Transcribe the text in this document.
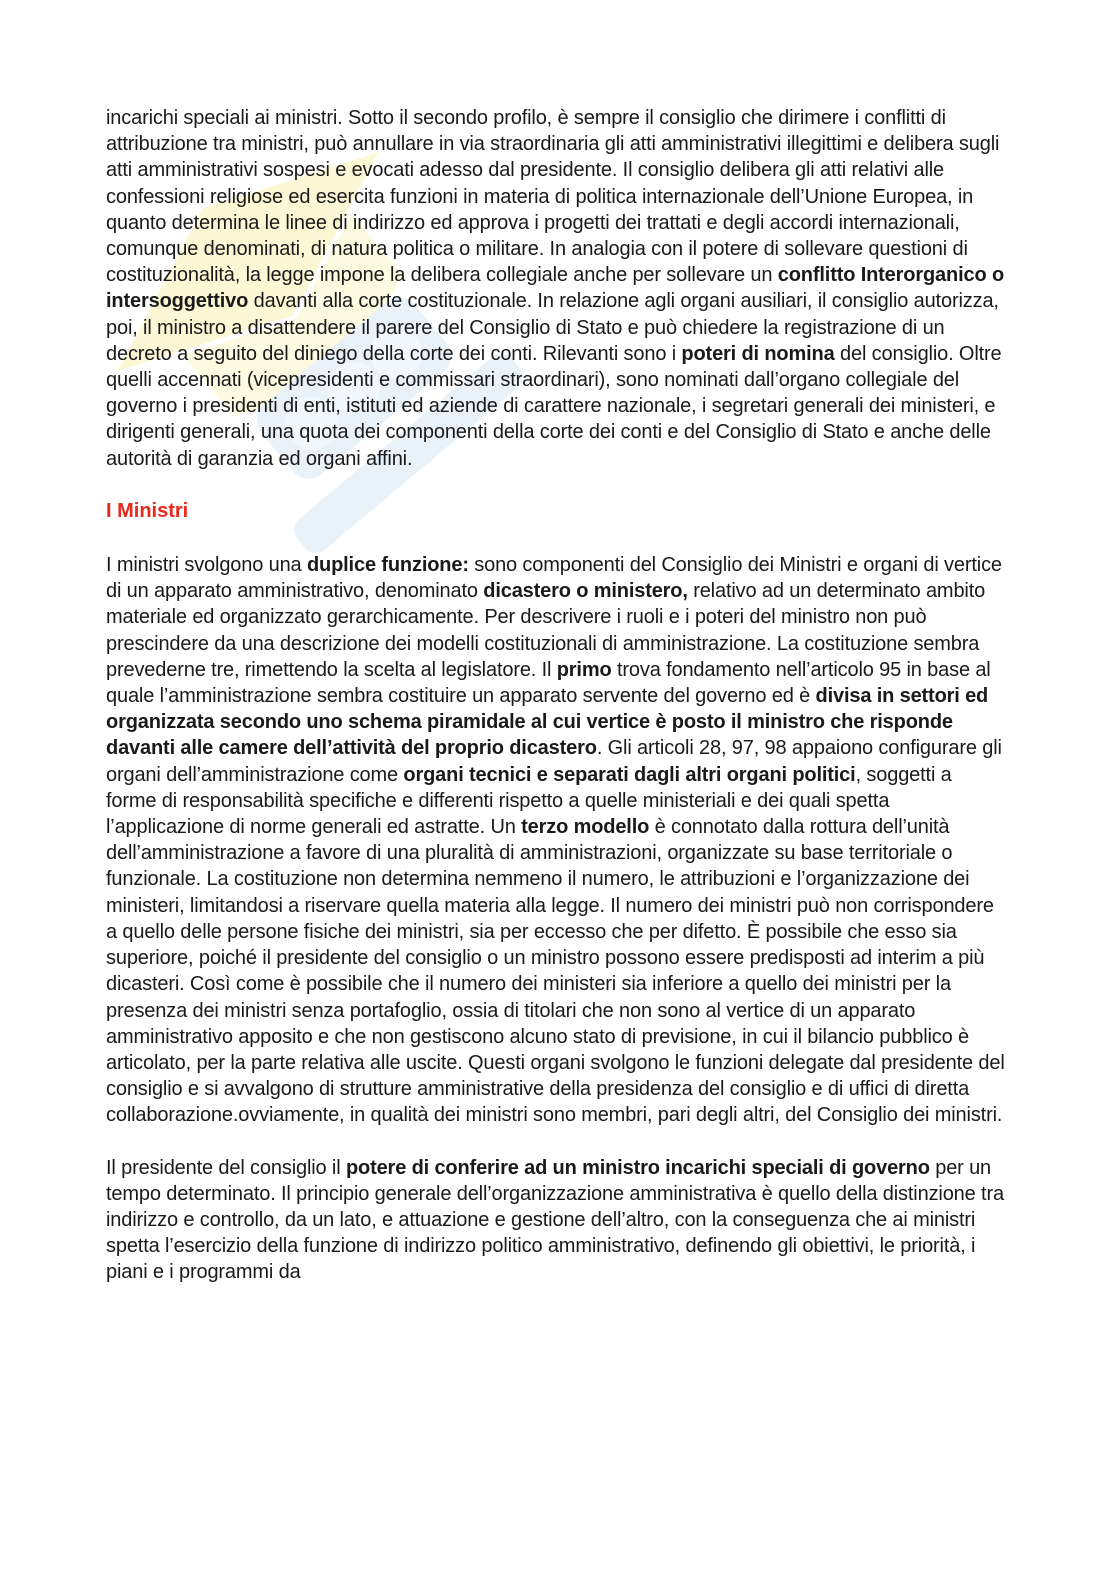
incarichi speciali ai ministri. Sotto il secondo profilo, è sempre il consiglio che dirimere i conflitti di attribuzione tra ministri, può annullare in via straordinaria gli atti amministrativi illegittimi e delibera sugli atti amministrativi sospesi e evocati adesso dal presidente. Il consiglio delibera gli atti relativi alle confessioni religiose ed esercita funzioni in materia di politica internazionale dell’Unione Europea, in quanto determina le linee di indirizzo ed approva i progetti dei trattati e degli accordi internazionali, comunque denominati, di natura politica o militare. In analogia con il potere di sollevare questioni di costituzionalità, la legge impone la delibera collegiale anche per sollevare un conflitto Interorganico o intersoggettivo davanti alla corte costituzionale. In relazione agli organi ausiliari, il consiglio autorizza, poi, il ministro a disattendere il parere del Consiglio di Stato e può chiedere la registrazione di un decreto a seguito del diniego della corte dei conti. Rilevanti sono i poteri di nomina del consiglio. Oltre quelli accennati (vicepresidenti e commissari straordinari), sono nominati dall’organo collegiale del governo i presidenti di enti, istituti ed aziende di carattere nazionale, i segretari generali dei ministeri, e dirigenti generali, una quota dei componenti della corte dei conti e del Consiglio di Stato e anche delle autorità di garanzia ed organi affini.

I Ministri

I ministri svolgono una duplice funzione: sono componenti del Consiglio dei Ministri e organi di vertice di un apparato amministrativo, denominato dicastero o ministero, relativo ad un determinato ambito materiale ed organizzato gerarchicamente. Per descrivere i ruoli e i poteri del ministro non può prescindere da una descrizione dei modelli costituzionali di amministrazione. La costituzione sembra prevederne tre, rimettendo la scelta al legislatore. Il primo trova fondamento nell’articolo 95 in base al quale l’amministrazione sembra costituire un apparato servente del governo ed è divisa in settori ed organizzata secondo uno schema piramidale al cui vertice è posto il ministro che risponde davanti alle camere dell’attività del proprio dicastero. Gli articoli 28, 97, 98 appaiono configurare gli organi dell’amministrazione come organi tecnici e separati dagli altri organi politici, soggetti a forme di responsabilità specifiche e differenti rispetto a quelle ministeriali e dei quali spetta l’applicazione di norme generali ed astratte. Un terzo modello è connotato dalla rottura dell’unità dell’amministrazione a favore di una pluralità di amministrazioni, organizzate su base territoriale o funzionale. La costituzione non determina nemmeno il numero, le attribuzioni e l’organizzazione dei ministeri, limitandosi a riservare quella materia alla legge. Il numero dei ministri può non corrispondere a quello delle persone fisiche dei ministri, sia per eccesso che per difetto. È possibile che esso sia superiore, poiché il presidente del consiglio o un ministro possono essere predisposti ad interim a più dicasteri. Così come è possibile che il numero dei ministeri sia inferiore a quello dei ministri per la presenza dei ministri senza portafoglio, ossia di titolari che non sono al vertice di un apparato amministrativo apposito e che non gestiscono alcuno stato di previsione, in cui il bilancio pubblico è articolato, per la parte relativa alle uscite. Questi organi svolgono le funzioni delegate dal presidente del consiglio e si avvalgono di strutture amministrative della presidenza del consiglio e di uffici di diretta collaborazione.ovviamente, in qualità dei ministri sono membri, pari degli altri, del Consiglio dei ministri.

Il presidente del consiglio il potere di conferire ad un ministro incarichi speciali di governo per un tempo determinato. Il principio generale dell’organizzazione amministrativa è quello della distinzione tra indirizzo e controllo, da un lato, e attuazione e gestione dell’altro, con la conseguenza che ai ministri spetta l’esercizio della funzione di indirizzo politico amministrativo, definendo gli obiettivi, le priorità, i piani e i programmi da
